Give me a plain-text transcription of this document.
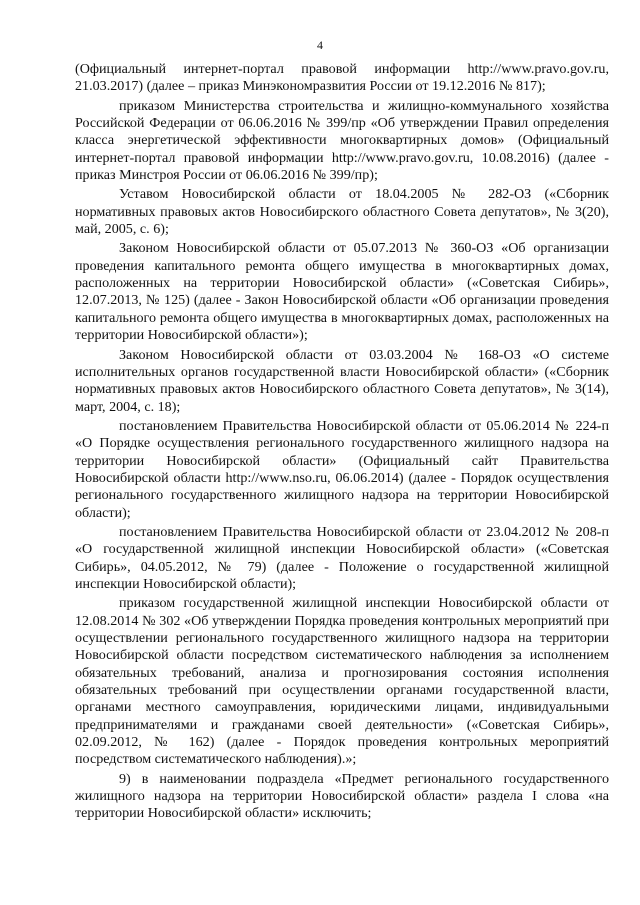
4

(Официальный интернет-портал правовой информации http://www.pravo.gov.ru, 21.03.2017) (далее – приказ Минэкономразвития России от 19.12.2016 № 817);

приказом Министерства строительства и жилищно-коммунального хозяйства Российской Федерации от 06.06.2016 № 399/пр «Об утверждении Правил определения класса энергетической эффективности многоквартирных домов» (Официальный интернет-портал правовой информации http://www.pravo.gov.ru, 10.08.2016) (далее - приказ Минстроя России от 06.06.2016 № 399/пр);

Уставом Новосибирской области от 18.04.2005 № 282-ОЗ («Сборник нормативных правовых актов Новосибирского областного Совета депутатов», № 3(20), май, 2005, с. 6);

Законом Новосибирской области от 05.07.2013 № 360-ОЗ «Об организации проведения капитального ремонта общего имущества в многоквартирных домах, расположенных на территории Новосибирской области» («Советская Сибирь», 12.07.2013, № 125) (далее - Закон Новосибирской области «Об организации проведения капитального ремонта общего имущества в многоквартирных домах, расположенных на территории Новосибирской области»);

Законом Новосибирской области от 03.03.2004 № 168-ОЗ «О системе исполнительных органов государственной власти Новосибирской области» («Сборник нормативных правовых актов Новосибирского областного Совета депутатов», № 3(14), март, 2004, с. 18);

постановлением Правительства Новосибирской области от 05.06.2014 № 224-п «О Порядке осуществления регионального государственного жилищного надзора на территории Новосибирской области» (Официальный сайт Правительства Новосибирской области http://www.nso.ru, 06.06.2014) (далее - Порядок осуществления регионального государственного жилищного надзора на территории Новосибирской области);

постановлением Правительства Новосибирской области от 23.04.2012 № 208-п «О государственной жилищной инспекции Новосибирской области» («Советская Сибирь», 04.05.2012, № 79) (далее - Положение о государственной жилищной инспекции Новосибирской области);

приказом государственной жилищной инспекции Новосибирской области от 12.08.2014 № 302 «Об утверждении Порядка проведения контрольных мероприятий при осуществлении регионального государственного жилищного надзора на территории Новосибирской области посредством систематического наблюдения за исполнением обязательных требований, анализа и прогнозирования состояния исполнения обязательных требований при осуществлении органами государственной власти, органами местного самоуправления, юридическими лицами, индивидуальными предпринимателями и гражданами своей деятельности» («Советская Сибирь», 02.09.2012, № 162) (далее - Порядок проведения контрольных мероприятий посредством систематического наблюдения).»;

9) в наименовании подраздела «Предмет регионального государственного жилищного надзора на территории Новосибирской области» раздела I слова «на территории Новосибирской области» исключить;
